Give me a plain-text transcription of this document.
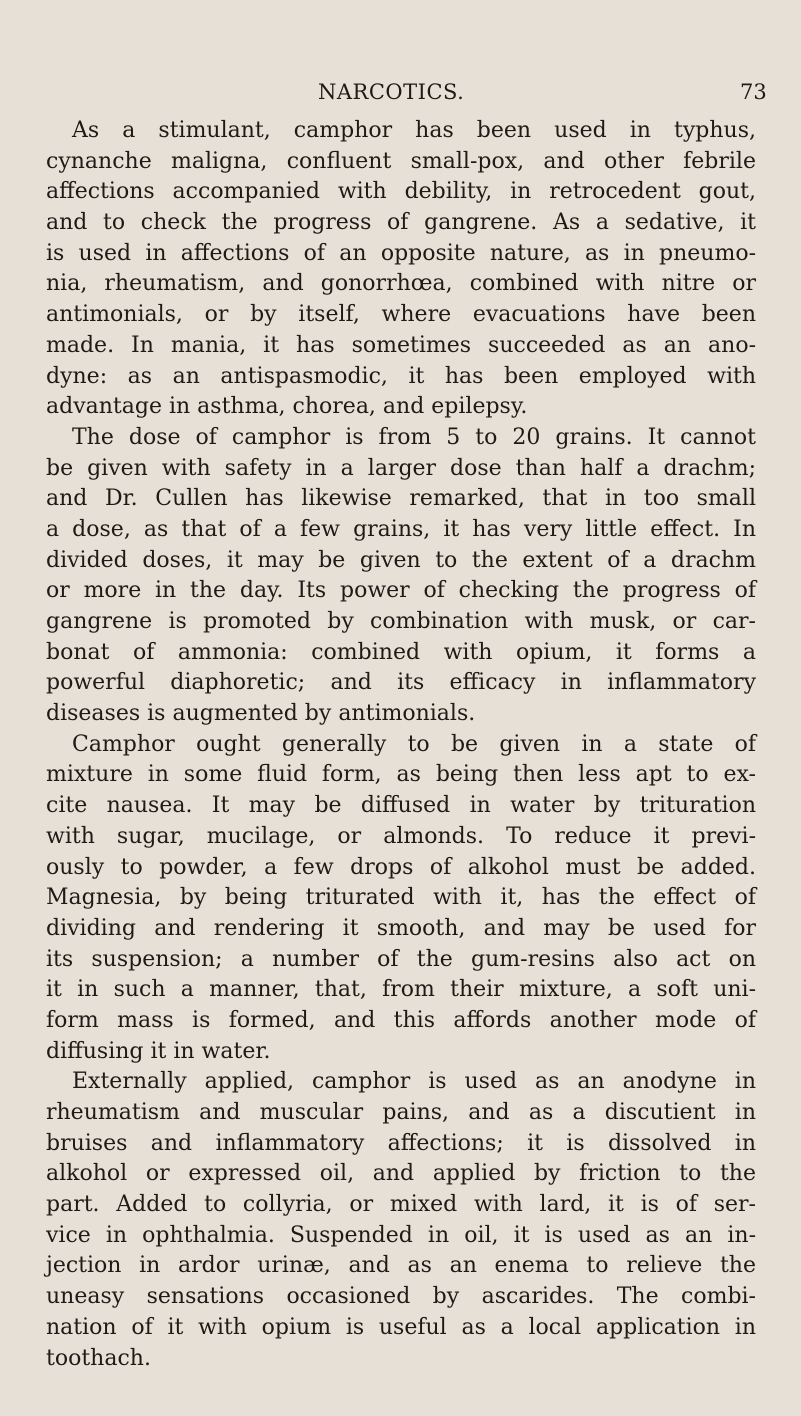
NARCOTICS.	73
As a stimulant, camphor has been used in typhus,
cynanche maligna, confluent small-pox, and other febrile
affections accompanied with debility, in retrocedent gout,
and to check the progress of gangrene. As a sedative, it
is used in affections of an opposite nature, as in pneumo-
nia, rheumatism, and gonorrhœa, combined with nitre or
antimonials, or by itself, where evacuations have been
made. In mania, it has sometimes succeeded as an ano-
dyne: as an antispasmodic, it has been employed with
advantage in asthma, chorea, and epilepsy.
The dose of camphor is from 5 to 20 grains. It cannot
be given with safety in a larger dose than half a drachm;
and Dr. Cullen has likewise remarked, that in too small
a dose, as that of a few grains, it has very little effect. In
divided doses, it may be given to the extent of a drachm
or more in the day. Its power of checking the progress of
gangrene is promoted by combination with musk, or car-
bonat of ammonia: combined with opium, it forms a
powerful diaphoretic; and its efficacy in inflammatory
diseases is augmented by antimonials.
Camphor ought generally to be given in a state of
mixture in some fluid form, as being then less apt to ex-
cite nausea. It may be diffused in water by trituration
with sugar, mucilage, or almonds. To reduce it previ-
ously to powder, a few drops of alkohol must be added.
Magnesia, by being triturated with it, has the effect of
dividing and rendering it smooth, and may be used for
its suspension; a number of the gum-resins also act on
it in such a manner, that, from their mixture, a soft uni-
form mass is formed, and this affords another mode of
diffusing it in water.
Externally applied, camphor is used as an anodyne in
rheumatism and muscular pains, and as a discutient in
bruises and inflammatory affections; it is dissolved in
alkohol or expressed oil, and applied by friction to the
part. Added to collyria, or mixed with lard, it is of ser-
vice in ophthalmia. Suspended in oil, it is used as an in-
jection in ardor urinæ, and as an enema to relieve the
uneasy sensations occasioned by ascarides. The combi-
nation of it with opium is useful as a local application in
toothach.
